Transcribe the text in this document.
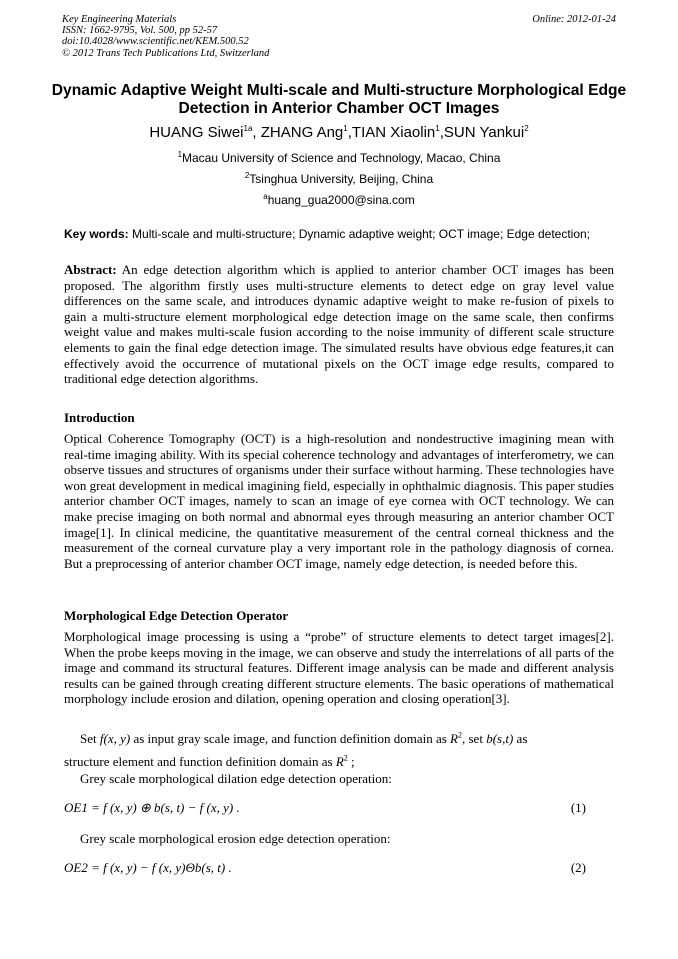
Key Engineering Materials
ISSN: 1662-9795, Vol. 500, pp 52-57
doi:10.4028/www.scientific.net/KEM.500.52
© 2012 Trans Tech Publications Ltd, Switzerland
Online: 2012-01-24
Dynamic Adaptive Weight Multi-scale and Multi-structure Morphological Edge Detection in Anterior Chamber OCT Images
HUANG Siwei$^{1a}$, ZHANG Ang$^1$,TIAN Xiaolin$^1$,SUN Yankui$^2$
$^1$Macau University of Science and Technology, Macao, China
$^2$Tsinghua University, Beijing, China
$^a$huang_gua2000@sina.com
Key words: Multi-scale and multi-structure; Dynamic adaptive weight; OCT image; Edge detection;
Abstract: An edge detection algorithm which is applied to anterior chamber OCT images has been proposed. The algorithm firstly uses multi-structure elements to detect edge on gray level value differences on the same scale, and introduces dynamic adaptive weight to make re-fusion of pixels to gain a multi-structure element morphological edge detection image on the same scale, then confirms weight value and makes multi-scale fusion according to the noise immunity of different scale structure elements to gain the final edge detection image. The simulated results have obvious edge features,it can effectively avoid the occurrence of mutational pixels on the OCT image edge results, compared to traditional edge detection algorithms.
Introduction
Optical Coherence Tomography (OCT) is a high-resolution and nondestructive imagining mean with real-time imaging ability. With its special coherence technology and advantages of interferometry, we can observe tissues and structures of organisms under their surface without harming. These technologies have won great development in medical imagining field, especially in ophthalmic diagnosis. This paper studies anterior chamber OCT images, namely to scan an image of eye cornea with OCT technology. We can make precise imaging on both normal and abnormal eyes through measuring an anterior chamber OCT image[1]. In clinical medicine, the quantitative measurement of the central corneal thickness and the measurement of the corneal curvature play a very important role in the pathology diagnosis of cornea. But a preprocessing of anterior chamber OCT image, namely edge detection, is needed before this.
Morphological Edge Detection Operator
Morphological image processing is using a “probe” of structure elements to detect target images[2]. When the probe keeps moving in the image, we can observe and study the interrelations of all parts of the image and command its structural features. Different image analysis can be made and different analysis results can be gained through creating different structure elements. The basic operations of mathematical morphology include erosion and dilation, opening operation and closing operation[3].
Set f(x, y) as input gray scale image, and function definition domain as $R^2$, set b(s,t) as
structure element and function definition domain as $R^2$ ;
Grey scale morphological dilation edge detection operation:
OE1 = f (x, y) ⊕ b(s, t) − f (x, y) .	(1)
Grey scale morphological erosion edge detection operation:
OE2 = f (x, y) − f (x, y)Θb(s, t) .	(2)
